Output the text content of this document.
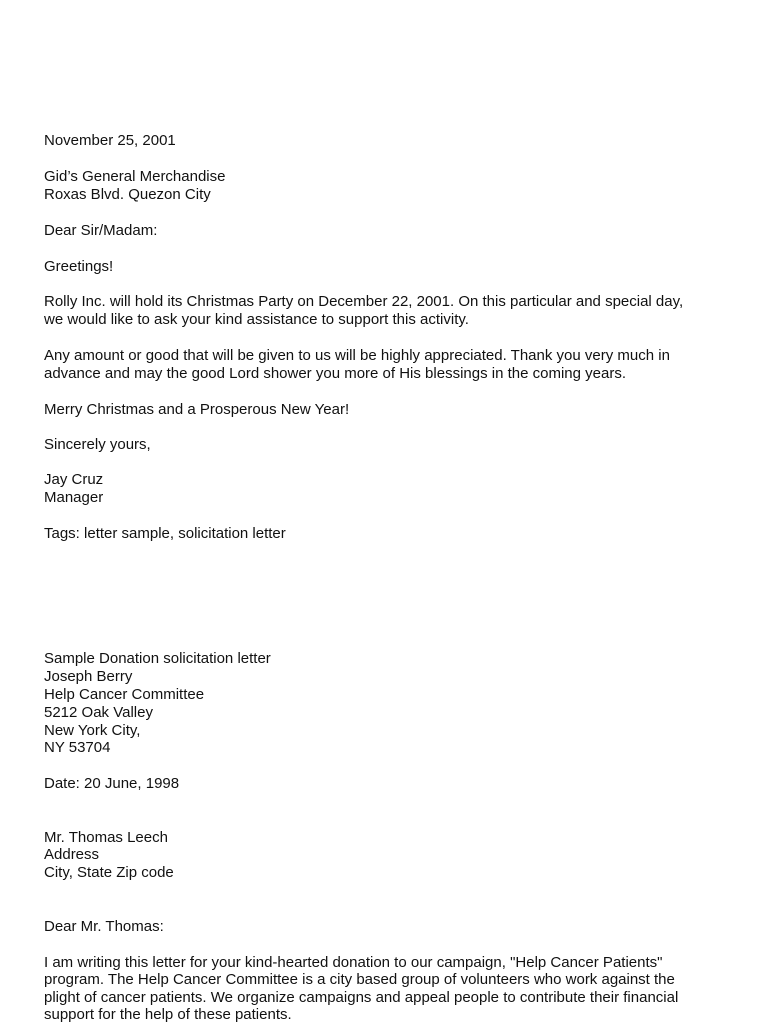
November 25, 2001
Gid’s General Merchandise
Roxas Blvd. Quezon City
Dear Sir/Madam:
Greetings!
Rolly Inc. will hold its Christmas Party on December 22, 2001. On this particular and special day,
we would like to ask your kind assistance to support this activity.
Any amount or good that will be given to us will be highly appreciated. Thank you very much in
advance and may the good Lord shower you more of His blessings in the coming years.
Merry Christmas and a Prosperous New Year!
Sincerely yours,
Jay Cruz
Manager
Tags: letter sample, solicitation letter
Sample Donation solicitation letter
Joseph Berry
Help Cancer Committee
5212 Oak Valley
New York City,
NY 53704
Date: 20 June, 1998
Mr. Thomas Leech
Address
City, State Zip code
Dear Mr. Thomas:
I am writing this letter for your kind-hearted donation to our campaign, "Help Cancer Patients"
program. The Help Cancer Committee is a city based group of volunteers who work against the
plight of cancer patients. We organize campaigns and appeal people to contribute their financial
support for the help of these patients.
